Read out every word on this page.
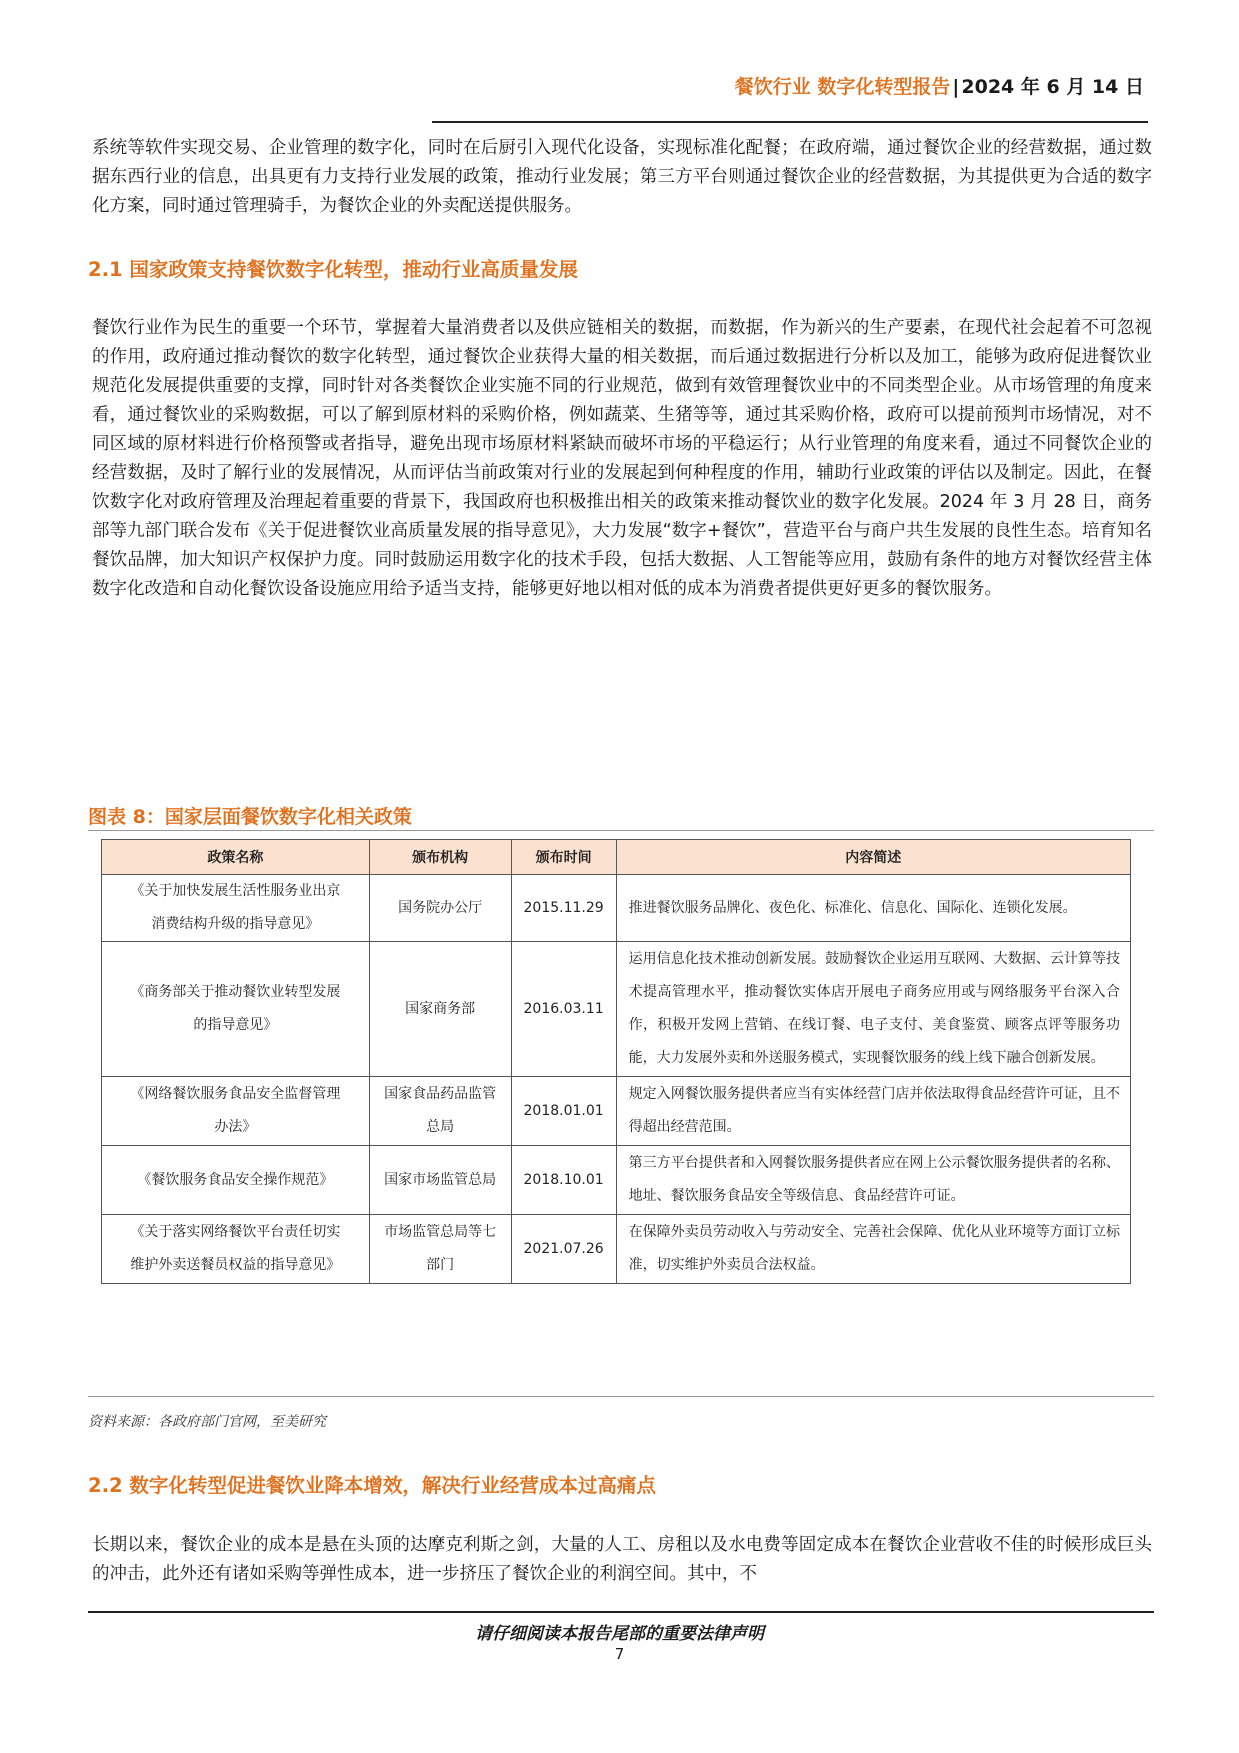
餐饮行业 数字化转型报告 | 2024 年 6 月 14 日

系统等软件实现交易、企业管理的数字化，同时在后厨引入现代化设备，实现标准化配餐；在政府端，通过餐饮企业的经营数据，通过数据东西行业的信息，出具更有力支持行业发展的政策，推动行业发展；第三方平台则通过餐饮企业的经营数据，为其提供更为合适的数字化方案，同时通过管理骑手，为餐饮企业的外卖配送提供服务。

2.1 国家政策支持餐饮数字化转型，推动行业高质量发展

餐饮行业作为民生的重要一个环节，掌握着大量消费者以及供应链相关的数据，而数据，作为新兴的生产要素，在现代社会起着不可忽视的作用，政府通过推动餐饮的数字化转型，通过餐饮企业获得大量的相关数据，而后通过数据进行分析以及加工，能够为政府促进餐饮业规范化发展提供重要的支撑，同时针对各类餐饮企业实施不同的行业规范，做到有效管理餐饮业中的不同类型企业。从市场管理的角度来看，通过餐饮业的采购数据，可以了解到原材料的采购价格，例如蔬菜、生猪等等，通过其采购价格，政府可以提前预判市场情况，对不同区域的原材料进行价格预警或者指导，避免出现市场原材料紧缺而破坏市场的平稳运行；从行业管理的角度来看，通过不同餐饮企业的经营数据，及时了解行业的发展情况，从而评估当前政策对行业的发展起到何种程度的作用，辅助行业政策的评估以及制定。因此，在餐饮数字化对政府管理及治理起着重要的背景下，我国政府也积极推出相关的政策来推动餐饮业的数字化发展。2024 年 3 月 28 日，商务部等九部门联合发布《关于促进餐饮业高质量发展的指导意见》，大力发展“数字+餐饮”，营造平台与商户共生发展的良性生态。培育知名餐饮品牌，加大知识产权保护力度。同时鼓励运用数字化的技术手段，包括大数据、人工智能等应用，鼓励有条件的地方对餐饮经营主体数字化改造和自动化餐饮设备设施应用给予适当支持，能够更好地以相对低的成本为消费者提供更好更多的餐饮服务。

图表 8：国家层面餐饮数字化相关政策

政策名称	颁布机构	颁布时间	内容简述
《关于加快发展生活性服务业出京消费结构升级的指导意见》	国务院办公厅	2015.11.29	推进餐饮服务品牌化、夜色化、标准化、信息化、国际化、连锁化发展。
《商务部关于推动餐饮业转型发展的指导意见》	国家商务部	2016.03.11	运用信息化技术推动创新发展。鼓励餐饮企业运用互联网、大数据、云计算等技术提高管理水平，推动餐饮实体店开展电子商务应用或与网络服务平台深入合作，积极开发网上营销、在线订餐、电子支付、美食鉴赏、顾客点评等服务功能，大力发展外卖和外送服务模式，实现餐饮服务的线上线下融合创新发展。
《网络餐饮服务食品安全监督管理办法》	国家食品药品监管总局	2018.01.01	规定入网餐饮服务提供者应当有实体经营门店并依法取得食品经营许可证，且不得超出经营范围。
《餐饮服务食品安全操作规范》	国家市场监管总局	2018.10.01	第三方平台提供者和入网餐饮服务提供者应在网上公示餐饮服务提供者的名称、地址、餐饮服务食品安全等级信息、食品经营许可证。
《关于落实网络餐饮平台责任切实维护外卖送餐员权益的指导意见》	市场监管总局等七部门	2021.07.26	在保障外卖员劳动收入与劳动安全、完善社会保障、优化从业环境等方面订立标准，切实维护外卖员合法权益。

资料来源：各政府部门官网，至美研究

2.2 数字化转型促进餐饮业降本增效，解决行业经营成本过高痛点

长期以来，餐饮企业的成本是悬在头顶的达摩克利斯之剑，大量的人工、房租以及水电费等固定成本在餐饮企业营收不佳的时候形成巨头的冲击，此外还有诸如采购等弹性成本，进一步挤压了餐饮企业的利润空间。其中，不

请仔细阅读本报告尾部的重要法律声明

7
